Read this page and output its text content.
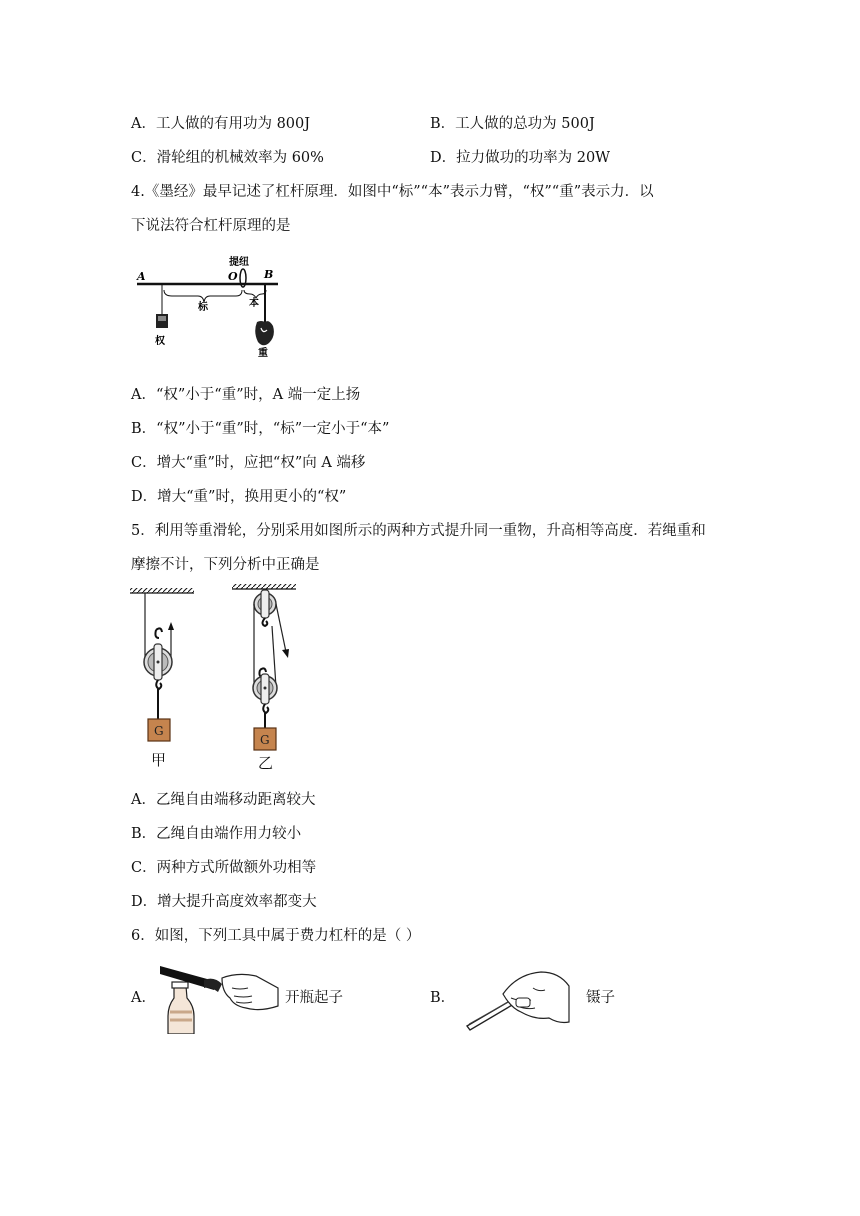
A．工人做的有用功为 800J	B．工人做的总功为 500J
C．滑轮组的机械效率为 60%	D．拉力做功的功率为 20W
4.《墨经》最早记述了杠杆原理．如图中“标”“本”表示力臂，“权”“重”表示力．以
下说法符合杠杆原理的是
A	O B
提纽
权
标	本
重
A．“权”小于“重”时，A 端一定上扬
B．“权”小于“重”时，“标”一定小于“本”
C．增大“重”时，应把“权”向 A 端移
D．增大“重”时，换用更小的“权”
5．利用等重滑轮，分别采用如图所示的两种方式提升同一重物，升高相等高度．若绳重和
摩擦不计，下列分析中正确是
G
甲
G
乙
A．乙绳自由端移动距离较大
B．乙绳自由端作用力较小
C．两种方式所做额外功相等
D．增大提升高度效率都变大
6．如图，下列工具中属于费力杠杆的是（ ）
A．	开瓶起子	B．	镊子
